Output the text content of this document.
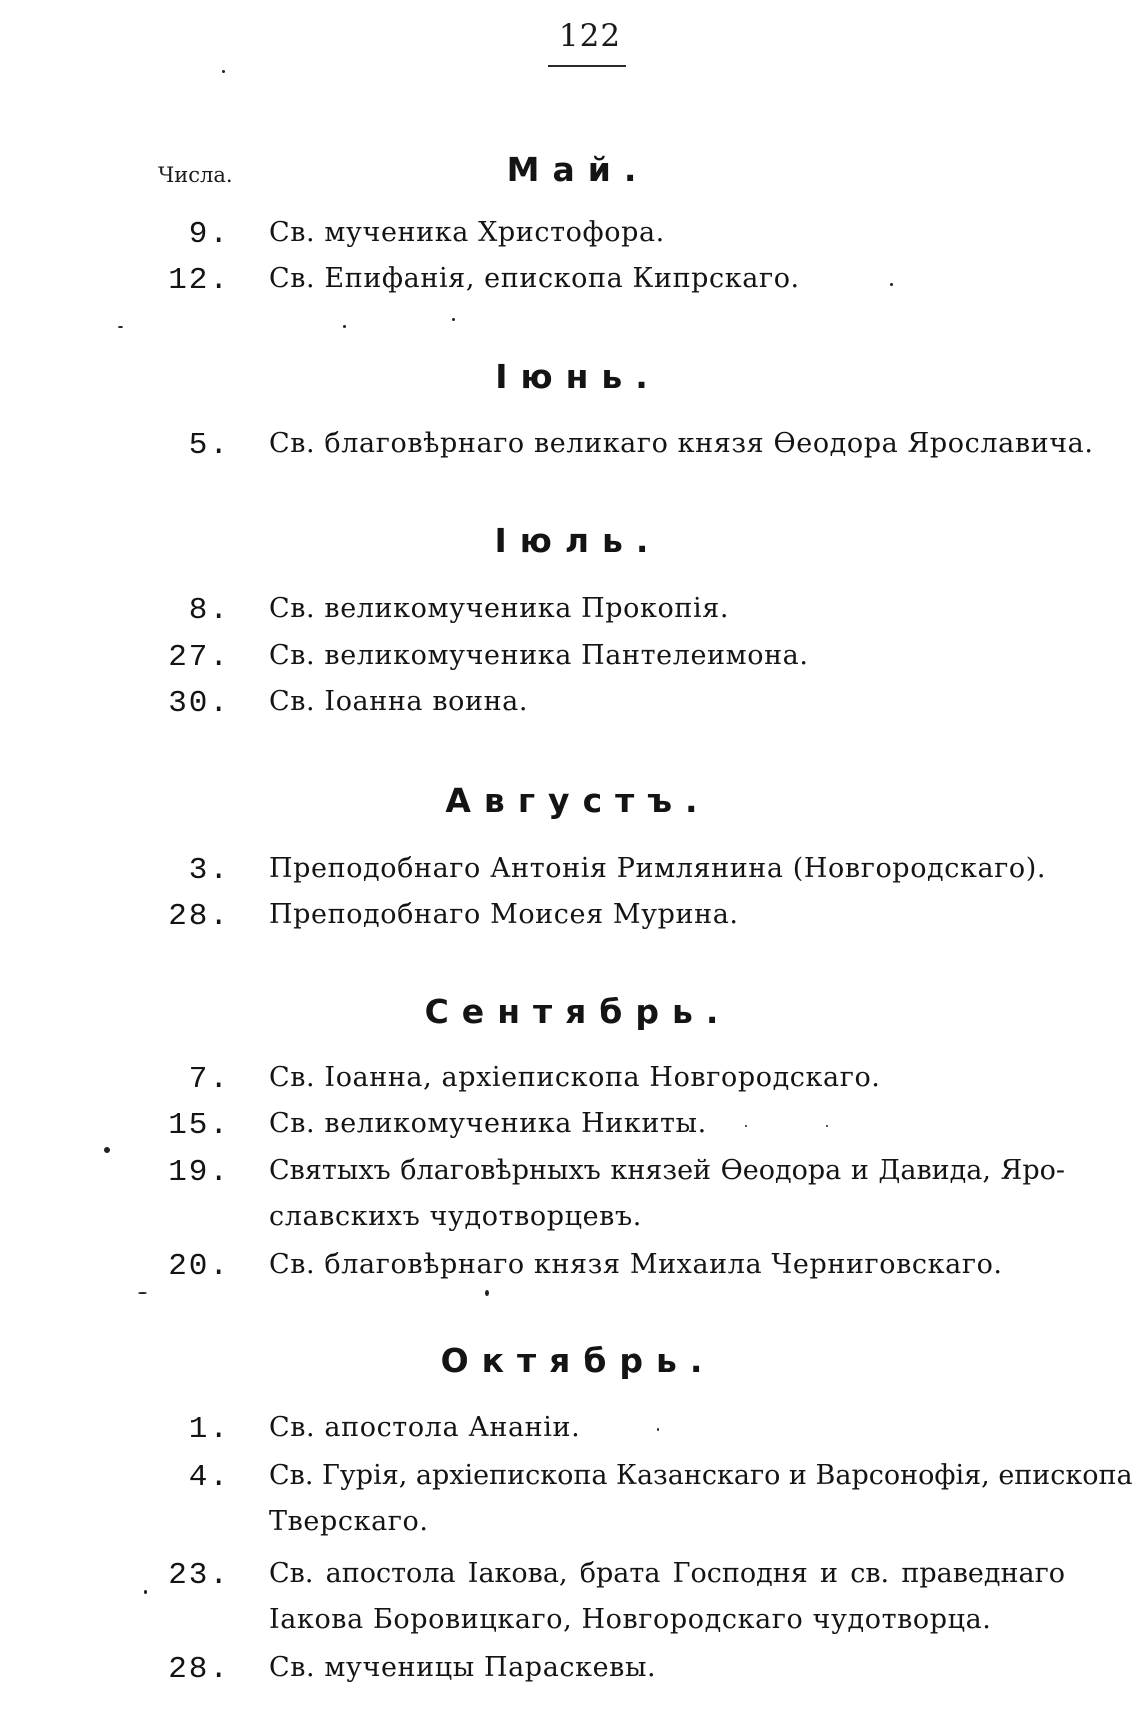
122
Числа.	Май.
9. Св. мученика Христофора.
12. Св. Епифанія, епископа Кипрскаго.
Іюнь.
5. Св. благовѣрнаго великаго князя Ѳеодора Ярославича.
Іюль.
8. Св. великомученика Прокопія.
27. Св. великомученика Пантелеимона.
30. Св. Іоанна воина.
Августъ.
3. Преподобнаго Антонія Римлянина (Новгородскаго).
28. Преподобнаго Моисея Мурина.
Сентябрь.
7. Св. Іоанна, архіепископа Новгородскаго.
15. Св. великомученика Никиты.
19. Святыхъ благовѣрныхъ князей Ѳеодора и Давида, Яро-
славскихъ чудотворцевъ.
20. Св. благовѣрнаго князя Михаила Черниговскаго.
Октябрь.
1. Св. апостола Ананіи.
4. Св. Гурія, архіепископа Казанскаго и Варсонофія, епископа
Тверскаго.
23. Св. апостола Іакова, брата Господня и св. праведнаго
Іакова Боровицкаго, Новгородскаго чудотворца.
28. Св. мученицы Параскевы.
